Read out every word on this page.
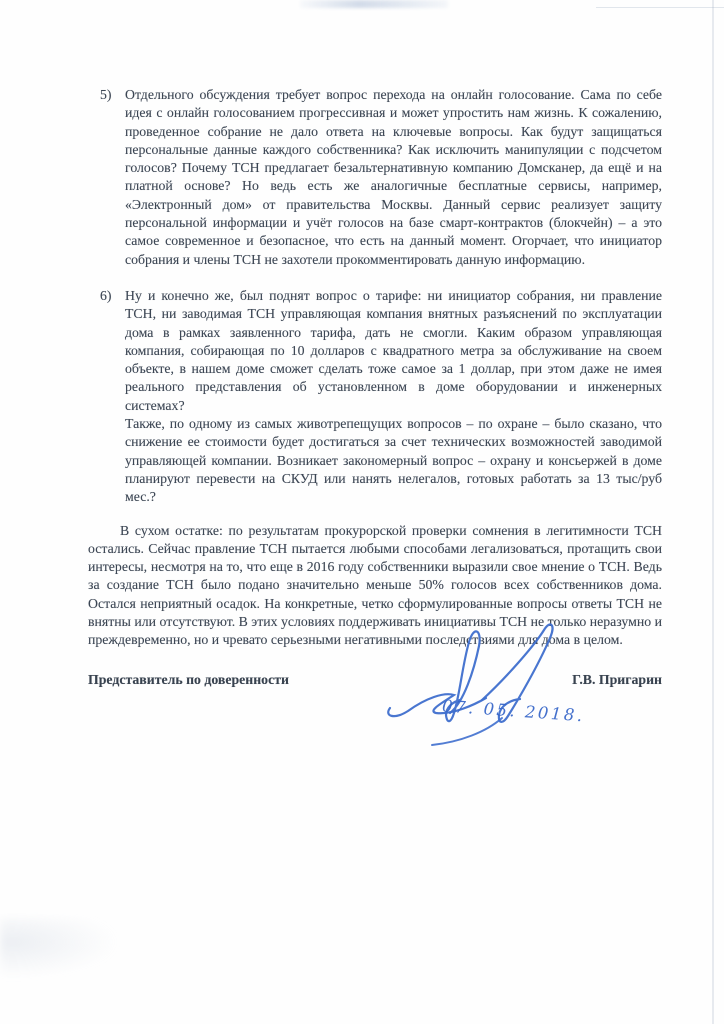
5) Отдельного обсуждения требует вопрос перехода на онлайн голосование. Сама по себе идея с онлайн голосованием прогрессивная и может упростить нам жизнь. К сожалению, проведенное собрание не дало ответа на ключевые вопросы. Как будут защищаться персональные данные каждого собственника? Как исключить манипуляции с подсчетом голосов? Почему ТСН предлагает безальтернативную компанию Домсканер, да ещё и на платной основе? Но ведь есть же аналогичные бесплатные сервисы, например, «Электронный дом» от правительства Москвы. Данный сервис реализует защиту персональной информации и учёт голосов на базе смарт-контрактов (блокчейн) – а это самое современное и безопасное, что есть на данный момент. Огорчает, что инициатор собрания и члены ТСН не захотели прокомментировать данную информацию.

6) Ну и конечно же, был поднят вопрос о тарифе: ни инициатор собрания, ни правление ТСН, ни заводимая ТСН управляющая компания внятных разъяснений по эксплуатации дома в рамках заявленного тарифа, дать не смогли. Каким образом управляющая компания, собирающая по 10 долларов с квадратного метра за обслуживание на своем объекте, в нашем доме сможет сделать тоже самое за 1 доллар, при этом даже не имея реального представления об установленном в доме оборудовании и инженерных системах?

Также, по одному из самых животрепещущих вопросов – по охране – было сказано, что снижение ее стоимости будет достигаться за счет технических возможностей заводимой управляющей компании. Возникает закономерный вопрос – охрану и консьержей в доме планируют перевести на СКУД или нанять нелегалов, готовых работать за 13 тыс/руб мес.?

В сухом остатке: по результатам прокурорской проверки сомнения в легитимности ТСН остались. Сейчас правление ТСН пытается любыми способами легализоваться, протащить свои интересы, несмотря на то, что еще в 2016 году собственники выразили свое мнение о ТСН. Ведь за создание ТСН было подано значительно меньше 50% голосов всех собственников дома. Остался неприятный осадок. На конкретные, четко сформулированные вопросы ответы ТСН не внятны или отсутствуют. В этих условиях поддерживать инициативы ТСН не только неразумно и преждевременно, но и чревато серьезными негативными последствиями для дома в целом.

Представитель по доверенности	Г.В. Пригарин
07. 05. 2018.
